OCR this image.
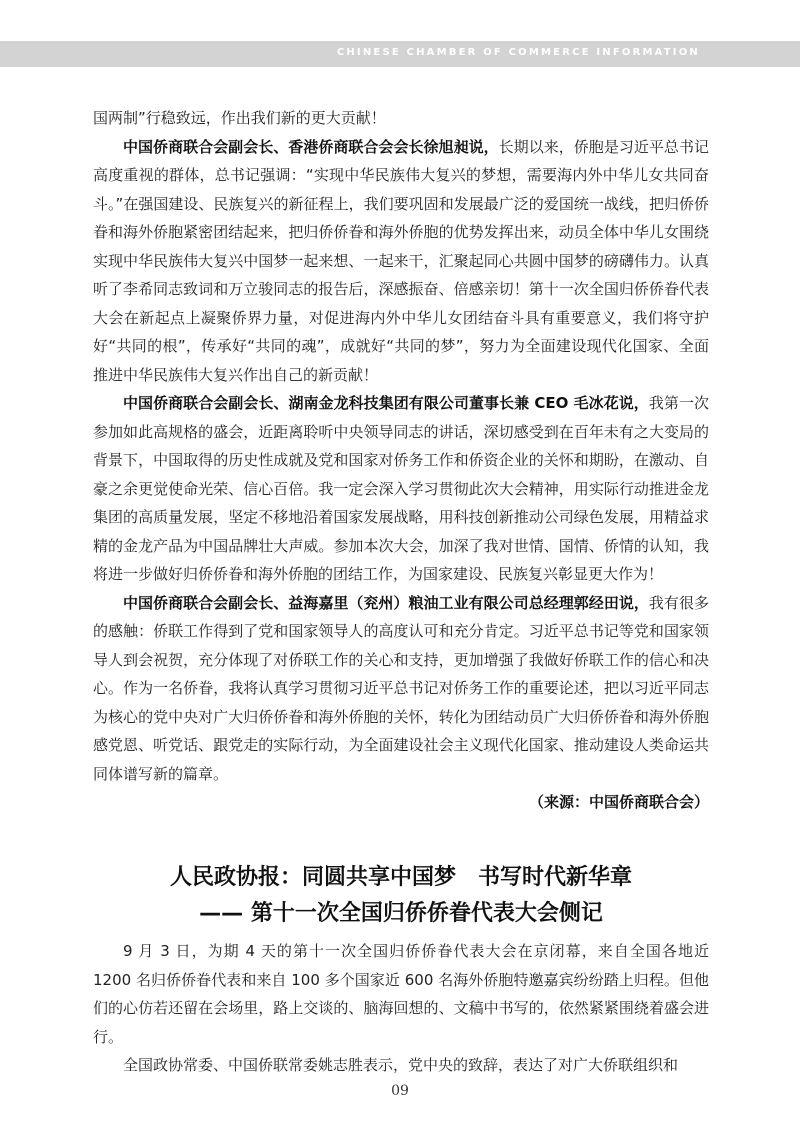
CHINESE CHAMBER OF COMMERCE INFORMATION

国两制”行稳致远，作出我们新的更大贡献！

中国侨商联合会副会长、香港侨商联合会会长徐旭昶说，长期以来，侨胞是习近平总书记高度重视的群体，总书记强调：“实现中华民族伟大复兴的梦想，需要海内外中华儿女共同奋斗。”在强国建设、民族复兴的新征程上，我们要巩固和发展最广泛的爱国统一战线，把归侨侨眷和海外侨胞紧密团结起来，把归侨侨眷和海外侨胞的优势发挥出来，动员全体中华儿女围绕实现中华民族伟大复兴中国梦一起来想、一起来干，汇聚起同心共圆中国梦的磅礴伟力。认真听了李希同志致词和万立骏同志的报告后，深感振奋、倍感亲切！第十一次全国归侨侨眷代表大会在新起点上凝聚侨界力量，对促进海内外中华儿女团结奋斗具有重要意义，我们将守护好“共同的根”，传承好“共同的魂”，成就好“共同的梦”，努力为全面建设现代化国家、全面推进中华民族伟大复兴作出自己的新贡献！

中国侨商联合会副会长、湖南金龙科技集团有限公司董事长兼 CEO 毛冰花说，我第一次参加如此高规格的盛会，近距离聆听中央领导同志的讲话，深切感受到在百年未有之大变局的背景下，中国取得的历史性成就及党和国家对侨务工作和侨资企业的关怀和期盼，在激动、自豪之余更觉使命光荣、信心百倍。我一定会深入学习贯彻此次大会精神，用实际行动推进金龙集团的高质量发展，坚定不移地沿着国家发展战略，用科技创新推动公司绿色发展，用精益求精的金龙产品为中国品牌壮大声威。参加本次大会，加深了我对世情、国情、侨情的认知，我将进一步做好归侨侨眷和海外侨胞的团结工作，为国家建设、民族复兴彰显更大作为！

中国侨商联合会副会长、益海嘉里（兖州）粮油工业有限公司总经理郭经田说，我有很多的感触：侨联工作得到了党和国家领导人的高度认可和充分肯定。习近平总书记等党和国家领导人到会祝贺，充分体现了对侨联工作的关心和支持，更加增强了我做好侨联工作的信心和决心。作为一名侨眷，我将认真学习贯彻习近平总书记对侨务工作的重要论述，把以习近平同志为核心的党中央对广大归侨侨眷和海外侨胞的关怀，转化为团结动员广大归侨侨眷和海外侨胞感党恩、听党话、跟党走的实际行动，为全面建设社会主义现代化国家、推动建设人类命运共同体谱写新的篇章。

（来源：中国侨商联合会）

人民政协报：同圆共享中国梦　书写时代新华章

—— 第十一次全国归侨侨眷代表大会侧记

9 月 3 日，为期 4 天的第十一次全国归侨侨眷代表大会在京闭幕，来自全国各地近 1200 名归侨侨眷代表和来自 100 多个国家近 600 名海外侨胞特邀嘉宾纷纷踏上归程。但他们的心仿若还留在会场里，路上交谈的、脑海回想的、文稿中书写的，依然紧紧围绕着盛会进行。

全国政协常委、中国侨联常委姚志胜表示，党中央的致辞，表达了对广大侨联组织和

09
